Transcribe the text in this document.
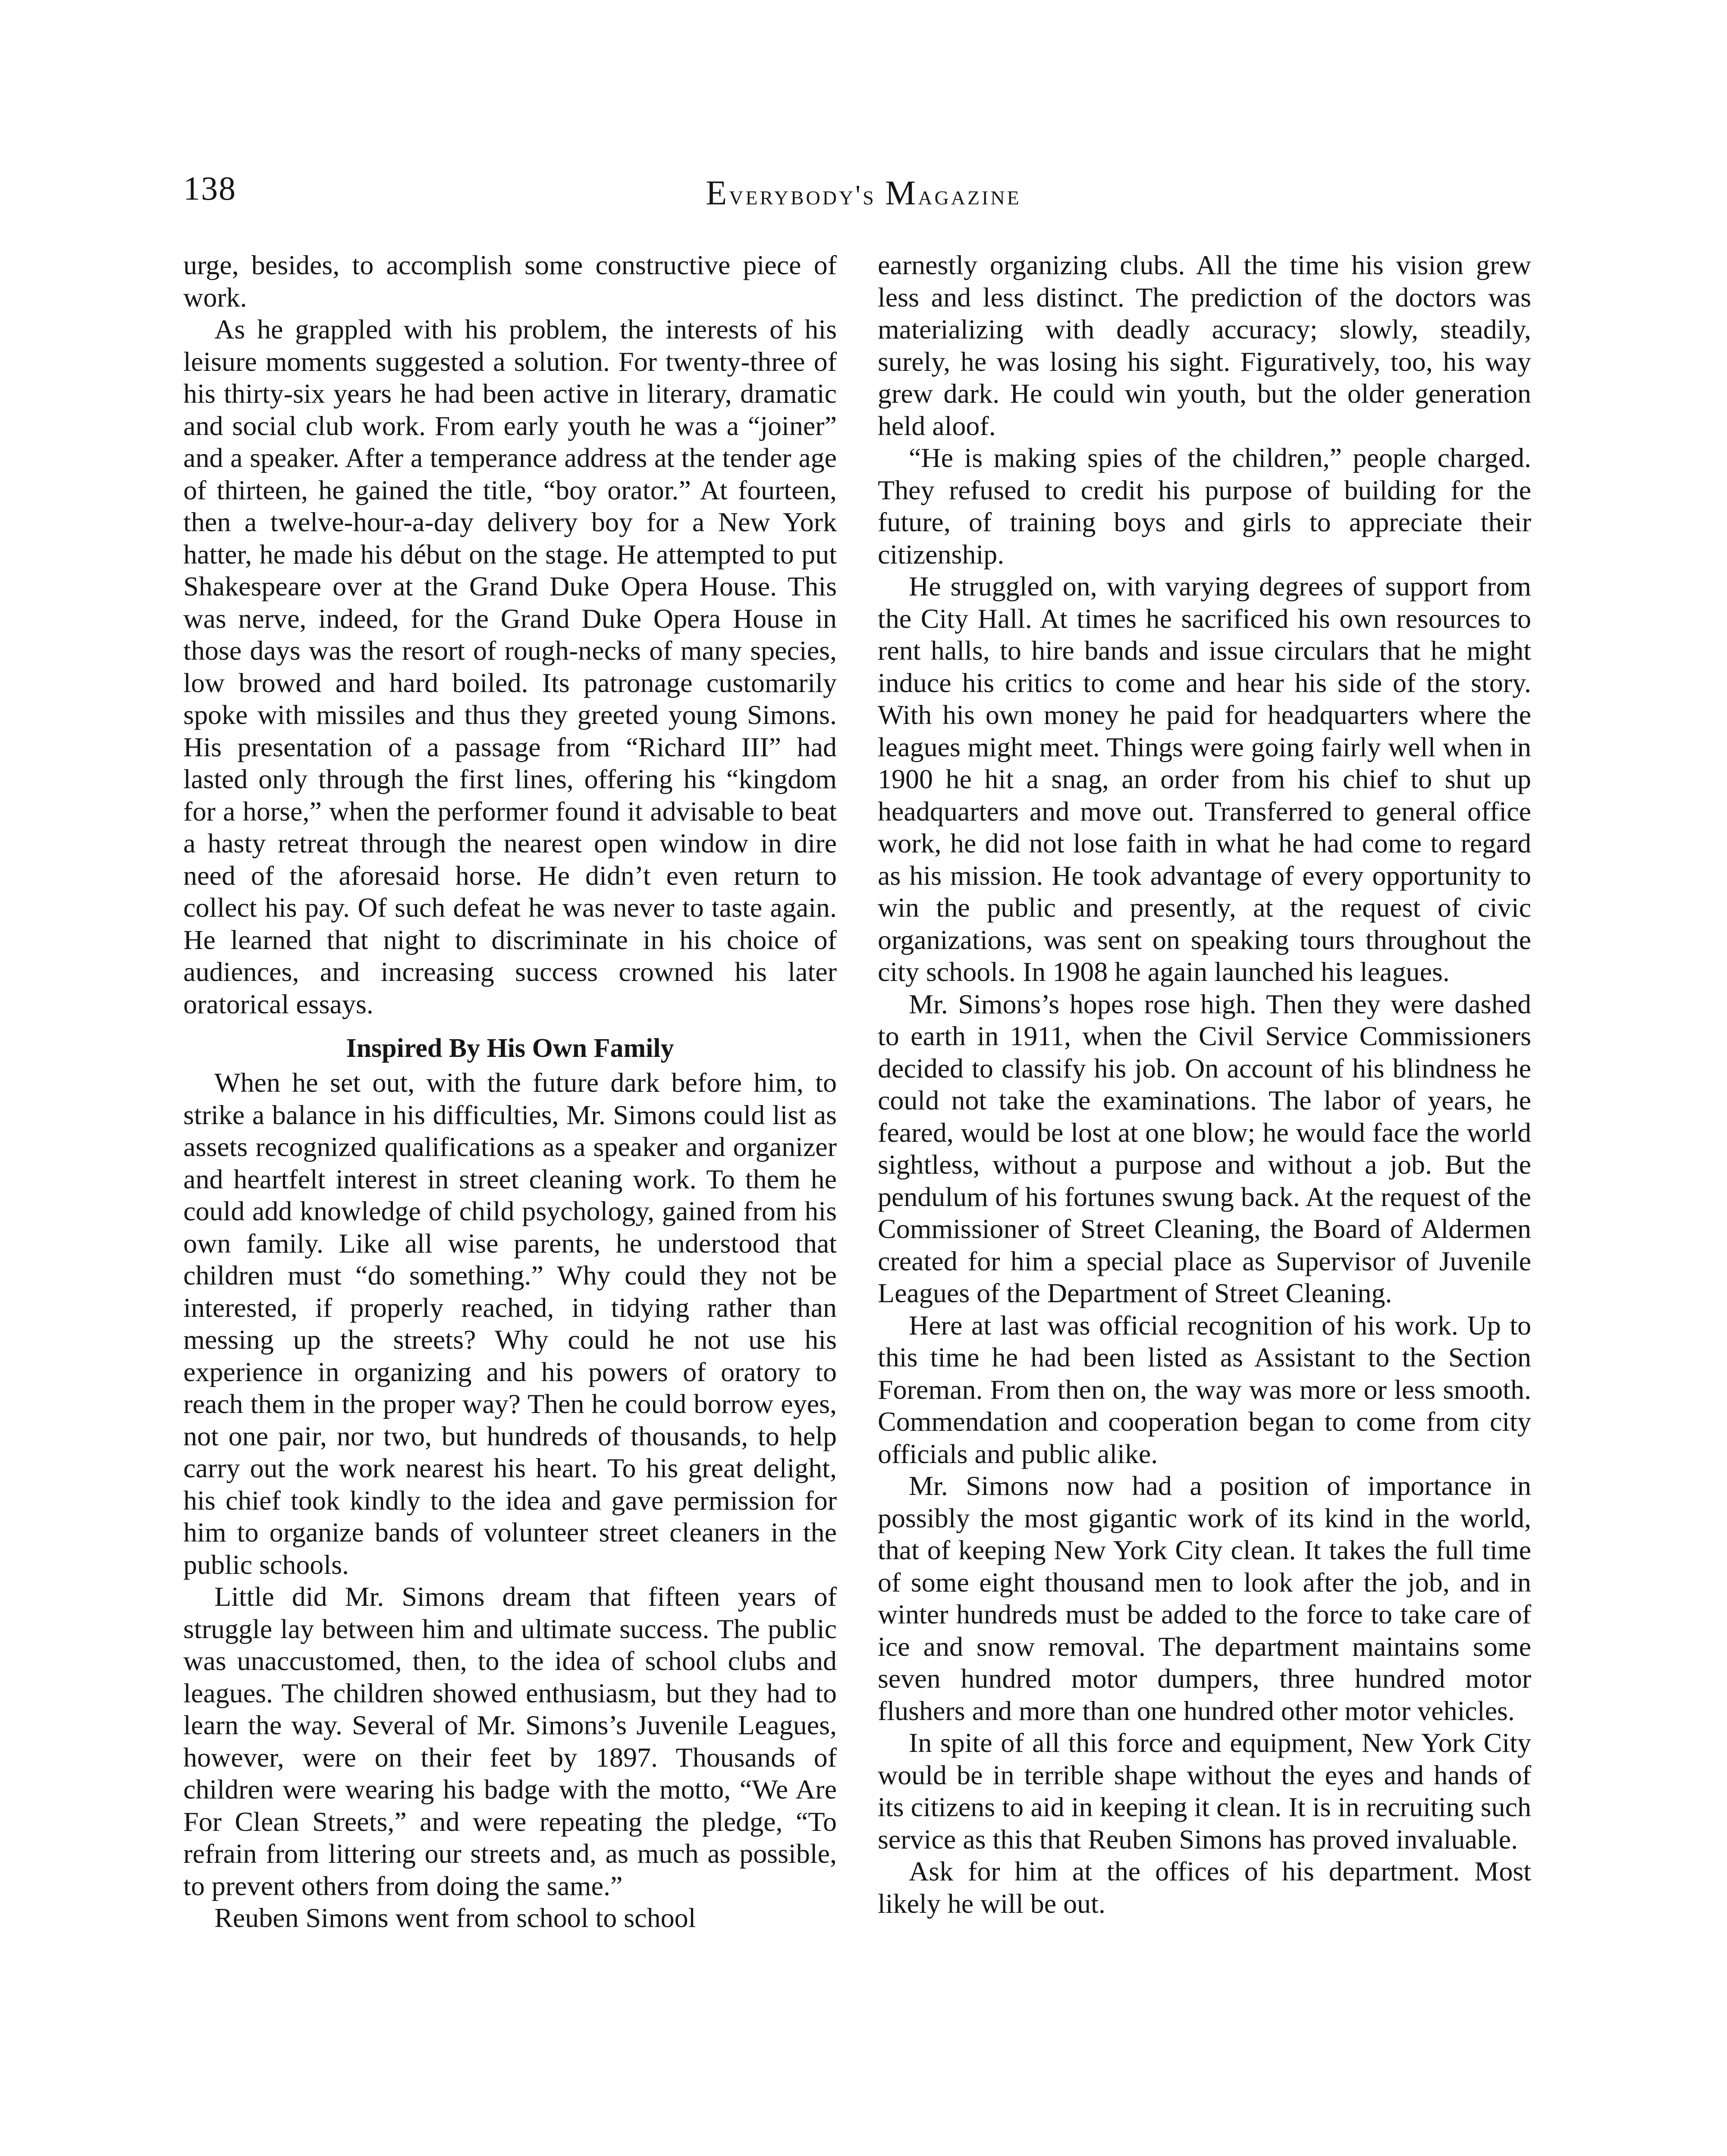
138	Everybody's Magazine

urge, besides, to accomplish some constructive piece of work.

As he grappled with his problem, the interests of his leisure moments suggested a solution. For twenty-three of his thirty-six years he had been active in literary, dramatic and social club work. From early youth he was a “joiner” and a speaker. After a temperance address at the tender age of thirteen, he gained the title, “boy orator.” At fourteen, then a twelve-hour-a-day delivery boy for a New York hatter, he made his début on the stage. He attempted to put Shakespeare over at the Grand Duke Opera House. This was nerve, indeed, for the Grand Duke Opera House in those days was the resort of rough-necks of many species, low browed and hard boiled. Its patronage customarily spoke with missiles and thus they greeted young Simons. His presentation of a passage from “Richard III” had lasted only through the first lines, offering his “kingdom for a horse,” when the performer found it advisable to beat a hasty retreat through the nearest open window in dire need of the aforesaid horse. He didn’t even return to collect his pay. Of such defeat he was never to taste again. He learned that night to discriminate in his choice of audiences, and increasing success crowned his later oratorical essays.

Inspired By His Own Family

When he set out, with the future dark before him, to strike a balance in his difficulties, Mr. Simons could list as assets recognized qualifications as a speaker and organizer and heartfelt interest in street cleaning work. To them he could add knowledge of child psychology, gained from his own family. Like all wise parents, he understood that children must “do something.” Why could they not be interested, if properly reached, in tidying rather than messing up the streets? Why could he not use his experience in organizing and his powers of oratory to reach them in the proper way? Then he could borrow eyes, not one pair, nor two, but hundreds of thousands, to help carry out the work nearest his heart. To his great delight, his chief took kindly to the idea and gave permission for him to organize bands of volunteer street cleaners in the public schools.

Little did Mr. Simons dream that fifteen years of struggle lay between him and ultimate success. The public was unaccustomed, then, to the idea of school clubs and leagues. The children showed enthusiasm, but they had to learn the way. Several of Mr. Simons’s Juvenile Leagues, however, were on their feet by 1897. Thousands of children were wearing his badge with the motto, “We Are For Clean Streets,” and were repeating the pledge, “To refrain from littering our streets and, as much as possible, to prevent others from doing the same.”

Reuben Simons went from school to school

earnestly organizing clubs. All the time his vision grew less and less distinct. The prediction of the doctors was materializing with deadly accuracy; slowly, steadily, surely, he was losing his sight. Figuratively, too, his way grew dark. He could win youth, but the older generation held aloof.

“He is making spies of the children,” people charged. They refused to credit his purpose of building for the future, of training boys and girls to appreciate their citizenship.

He struggled on, with varying degrees of support from the City Hall. At times he sacrificed his own resources to rent halls, to hire bands and issue circulars that he might induce his critics to come and hear his side of the story. With his own money he paid for headquarters where the leagues might meet. Things were going fairly well when in 1900 he hit a snag, an order from his chief to shut up headquarters and move out. Transferred to general office work, he did not lose faith in what he had come to regard as his mission. He took advantage of every opportunity to win the public and presently, at the request of civic organizations, was sent on speaking tours throughout the city schools. In 1908 he again launched his leagues.

Mr. Simons’s hopes rose high. Then they were dashed to earth in 1911, when the Civil Service Commissioners decided to classify his job. On account of his blindness he could not take the examinations. The labor of years, he feared, would be lost at one blow; he would face the world sightless, without a purpose and without a job. But the pendulum of his fortunes swung back. At the request of the Commissioner of Street Cleaning, the Board of Aldermen created for him a special place as Supervisor of Juvenile Leagues of the Department of Street Cleaning.

Here at last was official recognition of his work. Up to this time he had been listed as Assistant to the Section Foreman. From then on, the way was more or less smooth. Commendation and cooperation began to come from city officials and public alike.

Mr. Simons now had a position of importance in possibly the most gigantic work of its kind in the world, that of keeping New York City clean. It takes the full time of some eight thousand men to look after the job, and in winter hundreds must be added to the force to take care of ice and snow removal. The department maintains some seven hundred motor dumpers, three hundred motor flushers and more than one hundred other motor vehicles.

In spite of all this force and equipment, New York City would be in terrible shape without the eyes and hands of its citizens to aid in keeping it clean. It is in recruiting such service as this that Reuben Simons has proved invaluable.

Ask for him at the offices of his department. Most likely he will be out.
